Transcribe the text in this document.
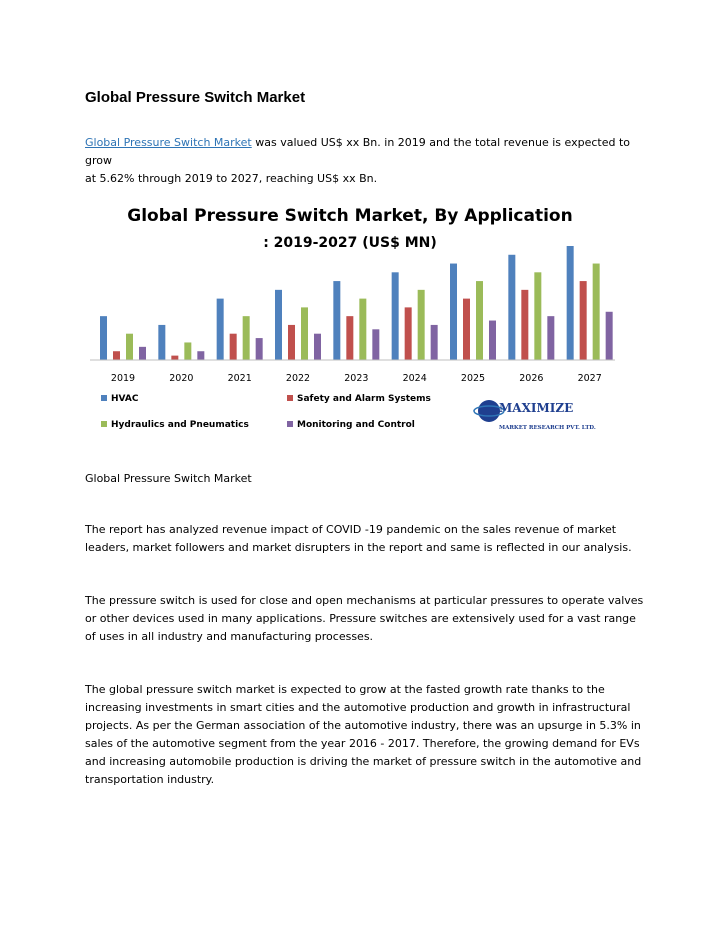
Global Pressure Switch Market
Global Pressure Switch Market was valued US$ xx Bn. in 2019 and the total revenue is expected to grow
at 5.62% through 2019 to 2027, reaching US$ xx Bn.
Global Pressure Switch Market, By Application
: 2019-2027 (US$ MN)
2019	2020	2021	2022	2023	2024	2025	2026	2027
HVAC	Safety and Alarm Systems
Hydraulics and Pneumatics	Monitoring and Control
MAXIMIZE
MARKET RESEARCH PVT. LTD.
Global Pressure Switch Market
The report has analyzed revenue impact of COVID -19 pandemic on the sales revenue of market leaders, market followers and market disrupters in the report and same is reflected in our analysis.
The pressure switch is used for close and open mechanisms at particular pressures to operate valves or other devices used in many applications. Pressure switches are extensively used for a vast range of uses in all industry and manufacturing processes.
The global pressure switch market is expected to grow at the fasted growth rate thanks to the increasing investments in smart cities and the automotive production and growth in infrastructural projects. As per the German association of the automotive industry, there was an upsurge in 5.3% in sales of the automotive segment from the year 2016 - 2017. Therefore, the growing demand for EVs and increasing automobile production is driving the market of pressure switch in the automotive and transportation industry.
